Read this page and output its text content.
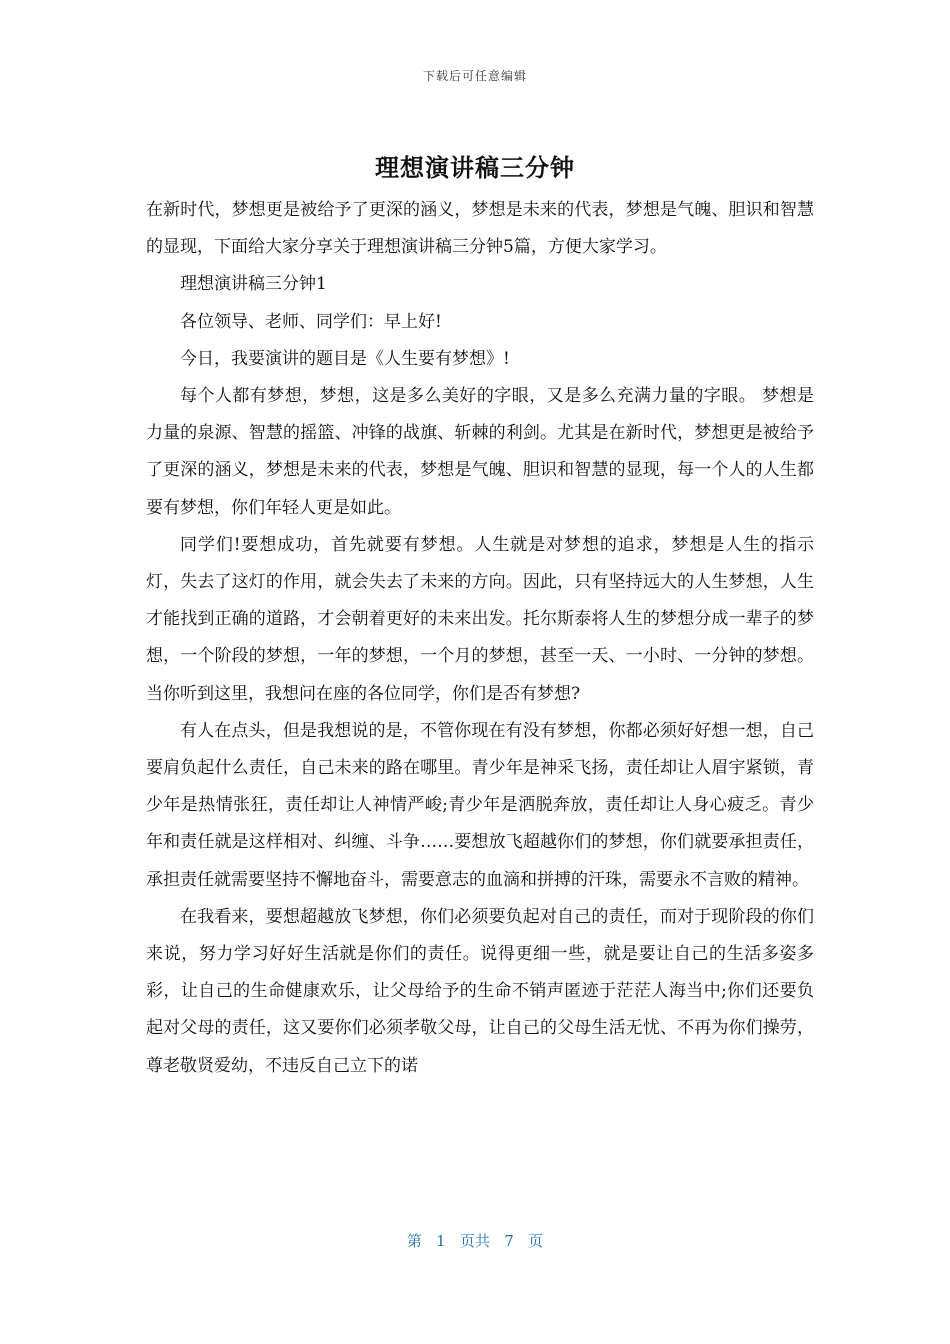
下载后可任意编辑
理想演讲稿三分钟

在新时代，梦想更是被给予了更深的涵义，梦想是未来的代表，梦想是气魄、胆识和智慧的显现，下面给大家分享关于理想演讲稿三分钟5篇，方便大家学习。

理想演讲稿三分钟1

各位领导、老师、同学们：早上好!

今日，我要演讲的题目是《人生要有梦想》!

每个人都有梦想，梦想，这是多么美好的字眼，又是多么充满力量的字眼。 梦想是力量的泉源、智慧的摇篮、冲锋的战旗、斩棘的利剑。尤其是在新时代，梦想更是被给予了更深的涵义，梦想是未来的代表，梦想是气魄、胆识和智慧的显现，每一个人的人生都要有梦想，你们年轻人更是如此。

同学们!要想成功，首先就要有梦想。人生就是对梦想的追求，梦想是人生的指示灯，失去了这灯的作用，就会失去了未来的方向。因此，只有坚持远大的人生梦想，人生才能找到正确的道路，才会朝着更好的未来出发。托尔斯泰将人生的梦想分成一辈子的梦想，一个阶段的梦想，一年的梦想，一个月的梦想，甚至一天、一小时、一分钟的梦想。当你听到这里，我想问在座的各位同学，你们是否有梦想?

有人在点头，但是我想说的是，不管你现在有没有梦想，你都必须好好想一想，自己要肩负起什么责任，自己未来的路在哪里。青少年是神采飞扬，责任却让人眉宇紧锁，青少年是热情张狂，责任却让人神情严峻;青少年是洒脱奔放，责任却让人身心疲乏。青少年和责任就是这样相对、纠缠、斗争……要想放飞超越你们的梦想，你们就要承担责任，承担责任就需要坚持不懈地奋斗，需要意志的血滴和拼搏的汗珠，需要永不言败的精神。

在我看来，要想超越放飞梦想，你们必须要负起对自己的责任，而对于现阶段的你们来说，努力学习好好生活就是你们的责任。说得更细一些，就是要让自己的生活多姿多彩，让自己的生命健康欢乐，让父母给予的生命不销声匿迹于茫茫人海当中;你们还要负起对父母的责任，这又要你们必须孝敬父母，让自己的父母生活无忧、不再为你们操劳，尊老敬贤爱幼，不违反自己立下的诺

第   1   页共   7   页
